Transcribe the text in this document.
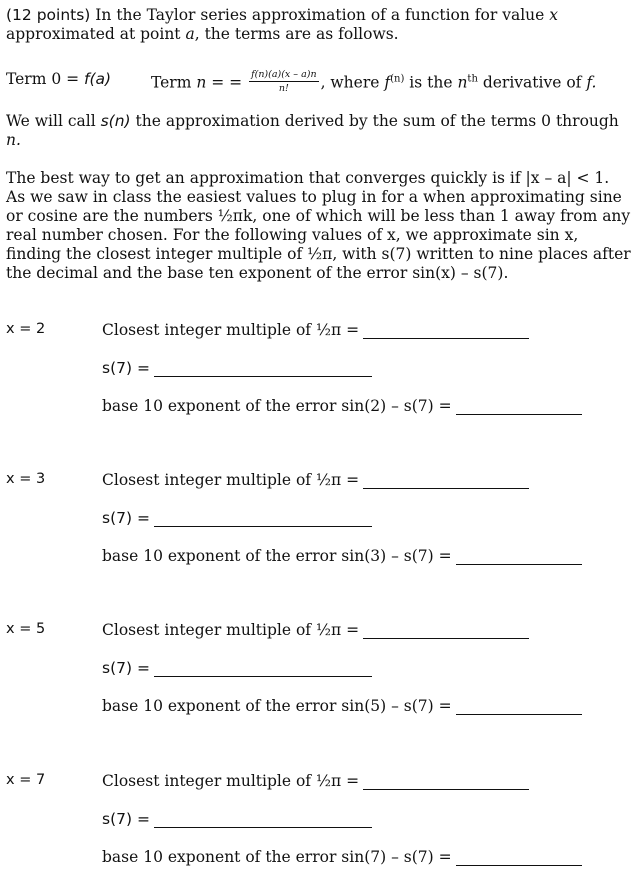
(12 points) In the Taylor series approximation of a function for value x
approximated at point a, the terms are as follows.
Term 0 = f(a)	Term n = = $\frac{f(n)(a)(x - a)n}{n!}$ , where $f^{(n)}$ is the $n^{th}$ derivative of f.
We will call s(n) the approximation derived by the sum of the terms 0 through
n.
The best way to get an approximation that converges quickly is if |x – a| < 1.
As we saw in class the easiest values to plug in for a when approximating sine
or cosine are the numbers ½πk, one of which will be less than 1 away from any
real number chosen. For the following values of x, we approximate sin x,
finding the closest integer multiple of ½π, with s(7) written to nine places after
the decimal and the base ten exponent of the error sin(x) – s(7).
x = 2	Closest integer multiple of ½π =
s(7) =
base 10 exponent of the error sin(2) – s(7) =
x = 3	Closest integer multiple of ½π =
s(7) =
base 10 exponent of the error sin(3) – s(7) =
x = 5	Closest integer multiple of ½π =
s(7) =
base 10 exponent of the error sin(5) – s(7) =
x = 7	Closest integer multiple of ½π =
s(7) =
base 10 exponent of the error sin(7) – s(7) =
